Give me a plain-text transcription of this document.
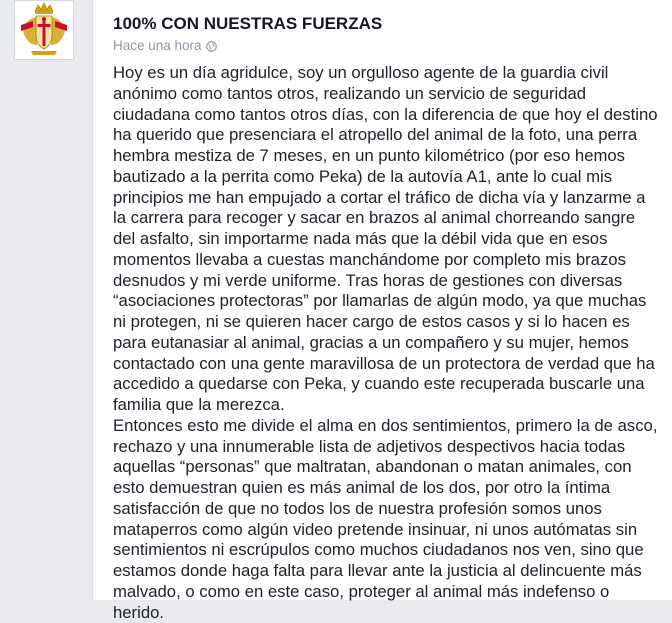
100% CON NUESTRAS FUERZAS
Hace una hora

Hoy es un día agridulce, soy un orgulloso agente de la guardia civil anónimo como tantos otros, realizando un servicio de seguridad ciudadana como tantos otros días, con la diferencia de que hoy el destino ha querido que presenciara el atropello del animal de la foto, una perra hembra mestiza de 7 meses, en un punto kilométrico (por eso hemos bautizado a la perrita como Peka) de la autovía A1, ante lo cual mis principios me han empujado a cortar el tráfico de dicha vía y lanzarme a la carrera para recoger y sacar en brazos al animal chorreando sangre del asfalto, sin importarme nada más que la débil vida que en esos momentos llevaba a cuestas manchándome por completo mis brazos desnudos y mi verde uniforme. Tras horas de gestiones con diversas “asociaciones protectoras” por llamarlas de algún modo, ya que muchas ni protegen, ni se quieren hacer cargo de estos casos y si lo hacen es para eutanasiar al animal, gracias a un compañero y su mujer, hemos contactado con una gente maravillosa de un protectora de verdad que ha accedido a quedarse con Peka, y cuando este recuperada buscarle una familia que la merezca.

Entonces esto me divide el alma en dos sentimientos, primero la de asco, rechazo y una innumerable lista de adjetivos despectivos hacia todas aquellas “personas” que maltratan, abandonan o matan animales, con esto demuestran quien es más animal de los dos, por otro la íntima satisfacción de que no todos los de nuestra profesión somos unos mataperros como algún video pretende insinuar, ni unos autómatas sin sentimientos ni escrúpulos como muchos ciudadanos nos ven, sino que estamos donde haga falta para llevar ante la justicia al delincuente más malvado, o como en este caso, proteger al animal más indefenso o herido.
